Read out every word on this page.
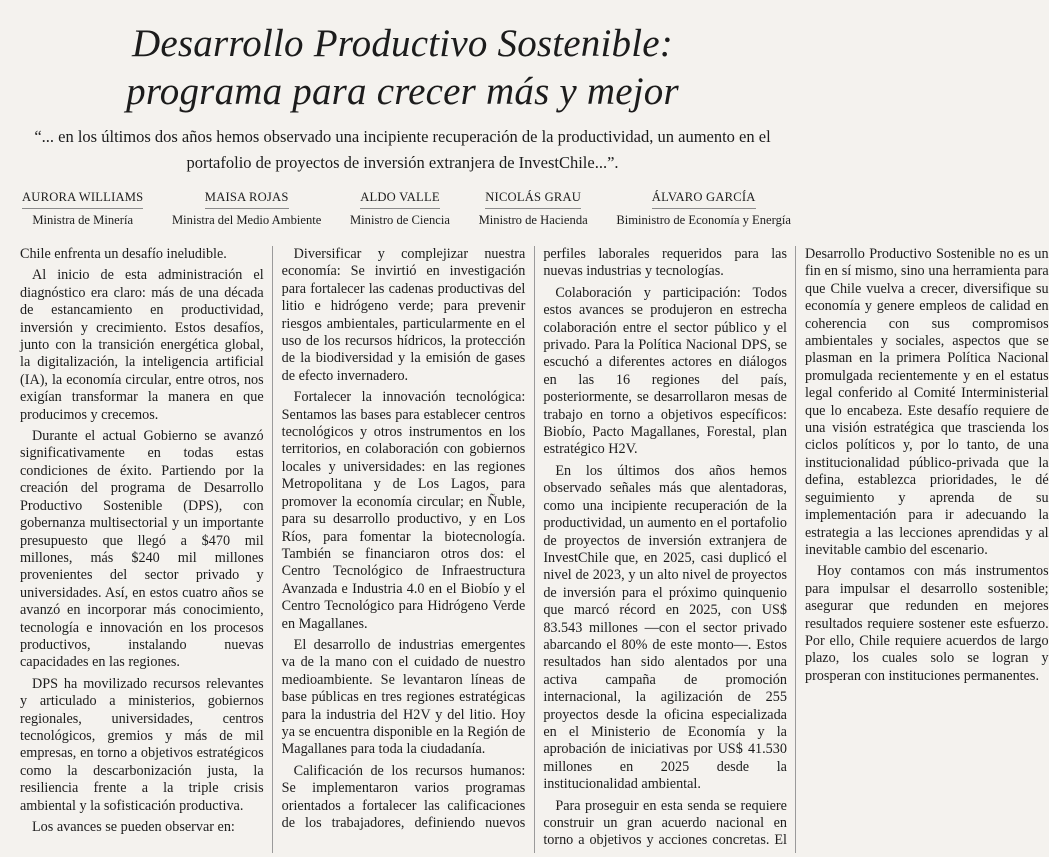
Desarrollo Productivo Sostenible:
programa para crecer más y mejor
“... en los últimos dos años hemos observado una incipiente recuperación de la productividad, un aumento en el portafolio de proyectos de inversión extranjera de InvestChile...”.
AURORA WILLIAMS
Ministra de Minería
MAISA ROJAS
Ministra del Medio Ambiente
ALDO VALLE
Ministro de Ciencia
NICOLÁS GRAU
Ministro de Hacienda
ÁLVARO GARCÍA
Biministro de Economía y Energía

Chile enfrenta un desafío ineludible.

Al inicio de esta administración el diagnóstico era claro: más de una década de estancamiento en productividad, inversión y crecimiento. Estos desafíos, junto con la transición energética global, la digitalización, la inteligencia artificial (IA), la economía circular, entre otros, nos exigían transformar la manera en que producimos y crecemos.

Durante el actual Gobierno se avanzó significativamente en todas estas condiciones de éxito. Partiendo por la creación del programa de Desarrollo Productivo Sostenible (DPS), con gobernanza multisectorial y un importante presupuesto que llegó a $470 mil millones, más $240 mil millones provenientes del sector privado y universidades. Así, en estos cuatro años se avanzó en incorporar más conocimiento, tecnología e innovación en los procesos productivos, instalando nuevas capacidades en las regiones.

DPS ha movilizado recursos relevantes y articulado a ministerios, gobiernos regionales, universidades, centros tecnológicos, gremios y más de mil empresas, en torno a objetivos estratégicos como la descarbonización justa, la resiliencia frente a la triple crisis ambiental y la sofisticación productiva.

Los avances se pueden observar en:

Diversificar y complejizar nuestra economía: Se invirtió en investigación para fortalecer las cadenas productivas del litio e hidrógeno verde; para prevenir riesgos ambientales, particularmente en el uso de los recursos hídricos, la protección de la biodiversidad y la emisión de gases de efecto invernadero.

Fortalecer la innovación tecnológica: Sentamos las bases para establecer centros tecnológicos y otros instrumentos en los territorios, en colaboración con gobiernos locales y universidades: en las regiones Metropolitana y de Los Lagos, para promover la economía circular; en Ñuble, para su desarrollo productivo, y en Los Ríos, para fomentar la biotecnología. También se financiaron otros dos: el Centro Tecnológico de Infraestructura Avanzada e Industria 4.0 en el Biobío y el Centro Tecnológico para Hidrógeno Verde en Magallanes.

El desarrollo de industrias emergentes va de la mano con el cuidado de nuestro medioambiente. Se levantaron líneas de base públicas en tres regiones estratégicas para la industria del H2V y del litio. Hoy ya se encuentra disponible en la Región de Magallanes para toda la ciudadanía.

Calificación de los recursos humanos: Se implementaron varios programas orientados a fortalecer las calificaciones de los trabajadores, definiendo nuevos perfiles laborales requeridos para las nuevas industrias y tecnologías.

Colaboración y participación: Todos estos avances se produjeron en estrecha colaboración entre el sector público y el privado. Para la Política Nacional DPS, se escuchó a diferentes actores en diálogos en las 16 regiones del país, posteriormente, se desarrollaron mesas de trabajo en torno a objetivos específicos: Biobío, Pacto Magallanes, Forestal, plan estratégico H2V.

En los últimos dos años hemos observado señales más que alentadoras, como una incipiente recuperación de la productividad, un aumento en el portafolio de proyectos de inversión extranjera de InvestChile que, en 2025, casi duplicó el nivel de 2023, y un alto nivel de proyectos de inversión para el próximo quinquenio que marcó récord en 2025, con US$ 83.543 millones —con el sector privado abarcando el 80% de este monto—. Estos resultados han sido alentados por una activa campaña de promoción internacional, la agilización de 255 proyectos desde la oficina especializada en el Ministerio de Economía y la aprobación de iniciativas por US$ 41.530 millones en 2025 desde la institucionalidad ambiental.

Para proseguir en esta senda se requiere construir un gran acuerdo nacional en torno a objetivos y acciones concretas. El Desarrollo Productivo Sostenible no es un fin en sí mismo, sino una herramienta para que Chile vuelva a crecer, diversifique su economía y genere empleos de calidad en coherencia con sus compromisos ambientales y sociales, aspectos que se plasman en la primera Política Nacional promulgada recientemente y en el estatus legal conferido al Comité Interministerial que lo encabeza. Este desafío requiere de una visión estratégica que trascienda los ciclos políticos y, por lo tanto, de una institucionalidad público-privada que la defina, establezca prioridades, le dé seguimiento y aprenda de su implementación para ir adecuando la estrategia a las lecciones aprendidas y al inevitable cambio del escenario.

Hoy contamos con más instrumentos para impulsar el desarrollo sostenible; asegurar que redunden en mejores resultados requiere sostener este esfuerzo. Por ello, Chile requiere acuerdos de largo plazo, los cuales solo se logran y prosperan con instituciones permanentes.
